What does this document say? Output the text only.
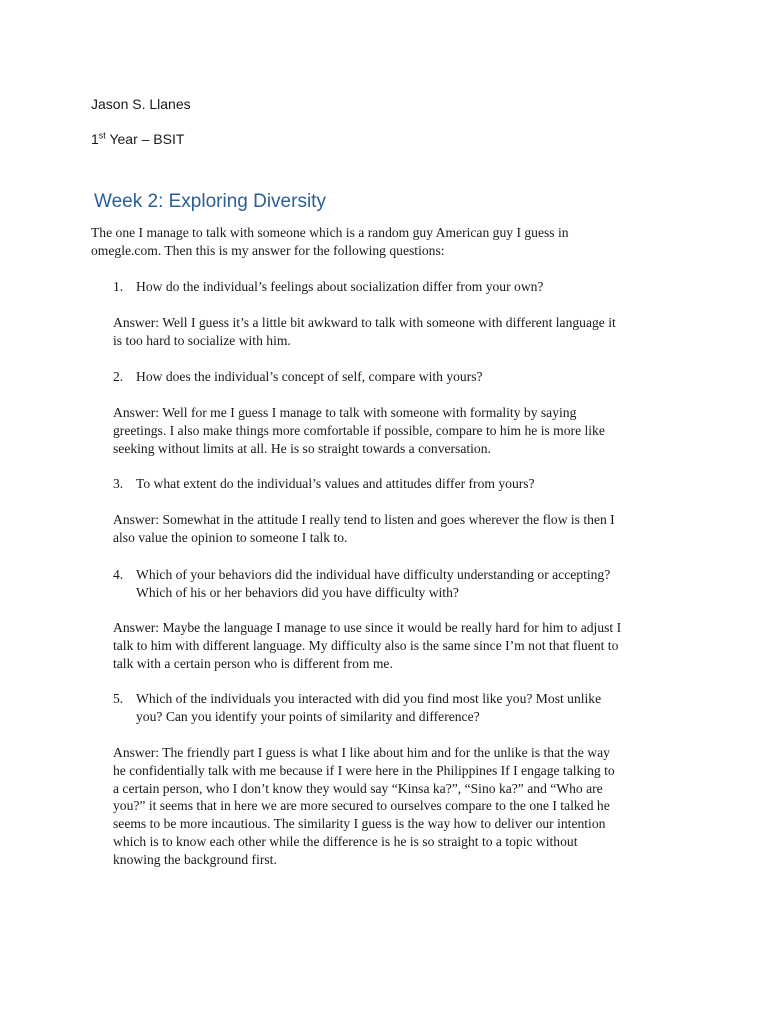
Jason S. Llanes
1st Year – BSIT
Week 2: Exploring Diversity
The one I manage to talk with someone which is a random guy American guy I guess in
omegle.com. Then this is my answer for the following questions:
1. How do the individual’s feelings about socialization differ from your own?
Answer: Well I guess it’s a little bit awkward to talk with someone with different language it
is too hard to socialize with him.
2. How does the individual’s concept of self, compare with yours?
Answer: Well for me I guess I manage to talk with someone with formality by saying
greetings. I also make things more comfortable if possible, compare to him he is more like
seeking without limits at all. He is so straight towards a conversation.
3. To what extent do the individual’s values and attitudes differ from yours?
Answer: Somewhat in the attitude I really tend to listen and goes wherever the flow is then I
also value the opinion to someone I talk to.
4. Which of your behaviors did the individual have difficulty understanding or accepting?
Which of his or her behaviors did you have difficulty with?
Answer: Maybe the language I manage to use since it would be really hard for him to adjust I
talk to him with different language. My difficulty also is the same since I’m not that fluent to
talk with a certain person who is different from me.
5. Which of the individuals you interacted with did you find most like you? Most unlike
you? Can you identify your points of similarity and difference?
Answer: The friendly part I guess is what I like about him and for the unlike is that the way
he confidentially talk with me because if I were here in the Philippines If I engage talking to
a certain person, who I don’t know they would say “Kinsa ka?”, “Sino ka?” and “Who are
you?” it seems that in here we are more secured to ourselves compare to the one I talked he
seems to be more incautious. The similarity I guess is the way how to deliver our intention
which is to know each other while the difference is he is so straight to a topic without
knowing the background first.
